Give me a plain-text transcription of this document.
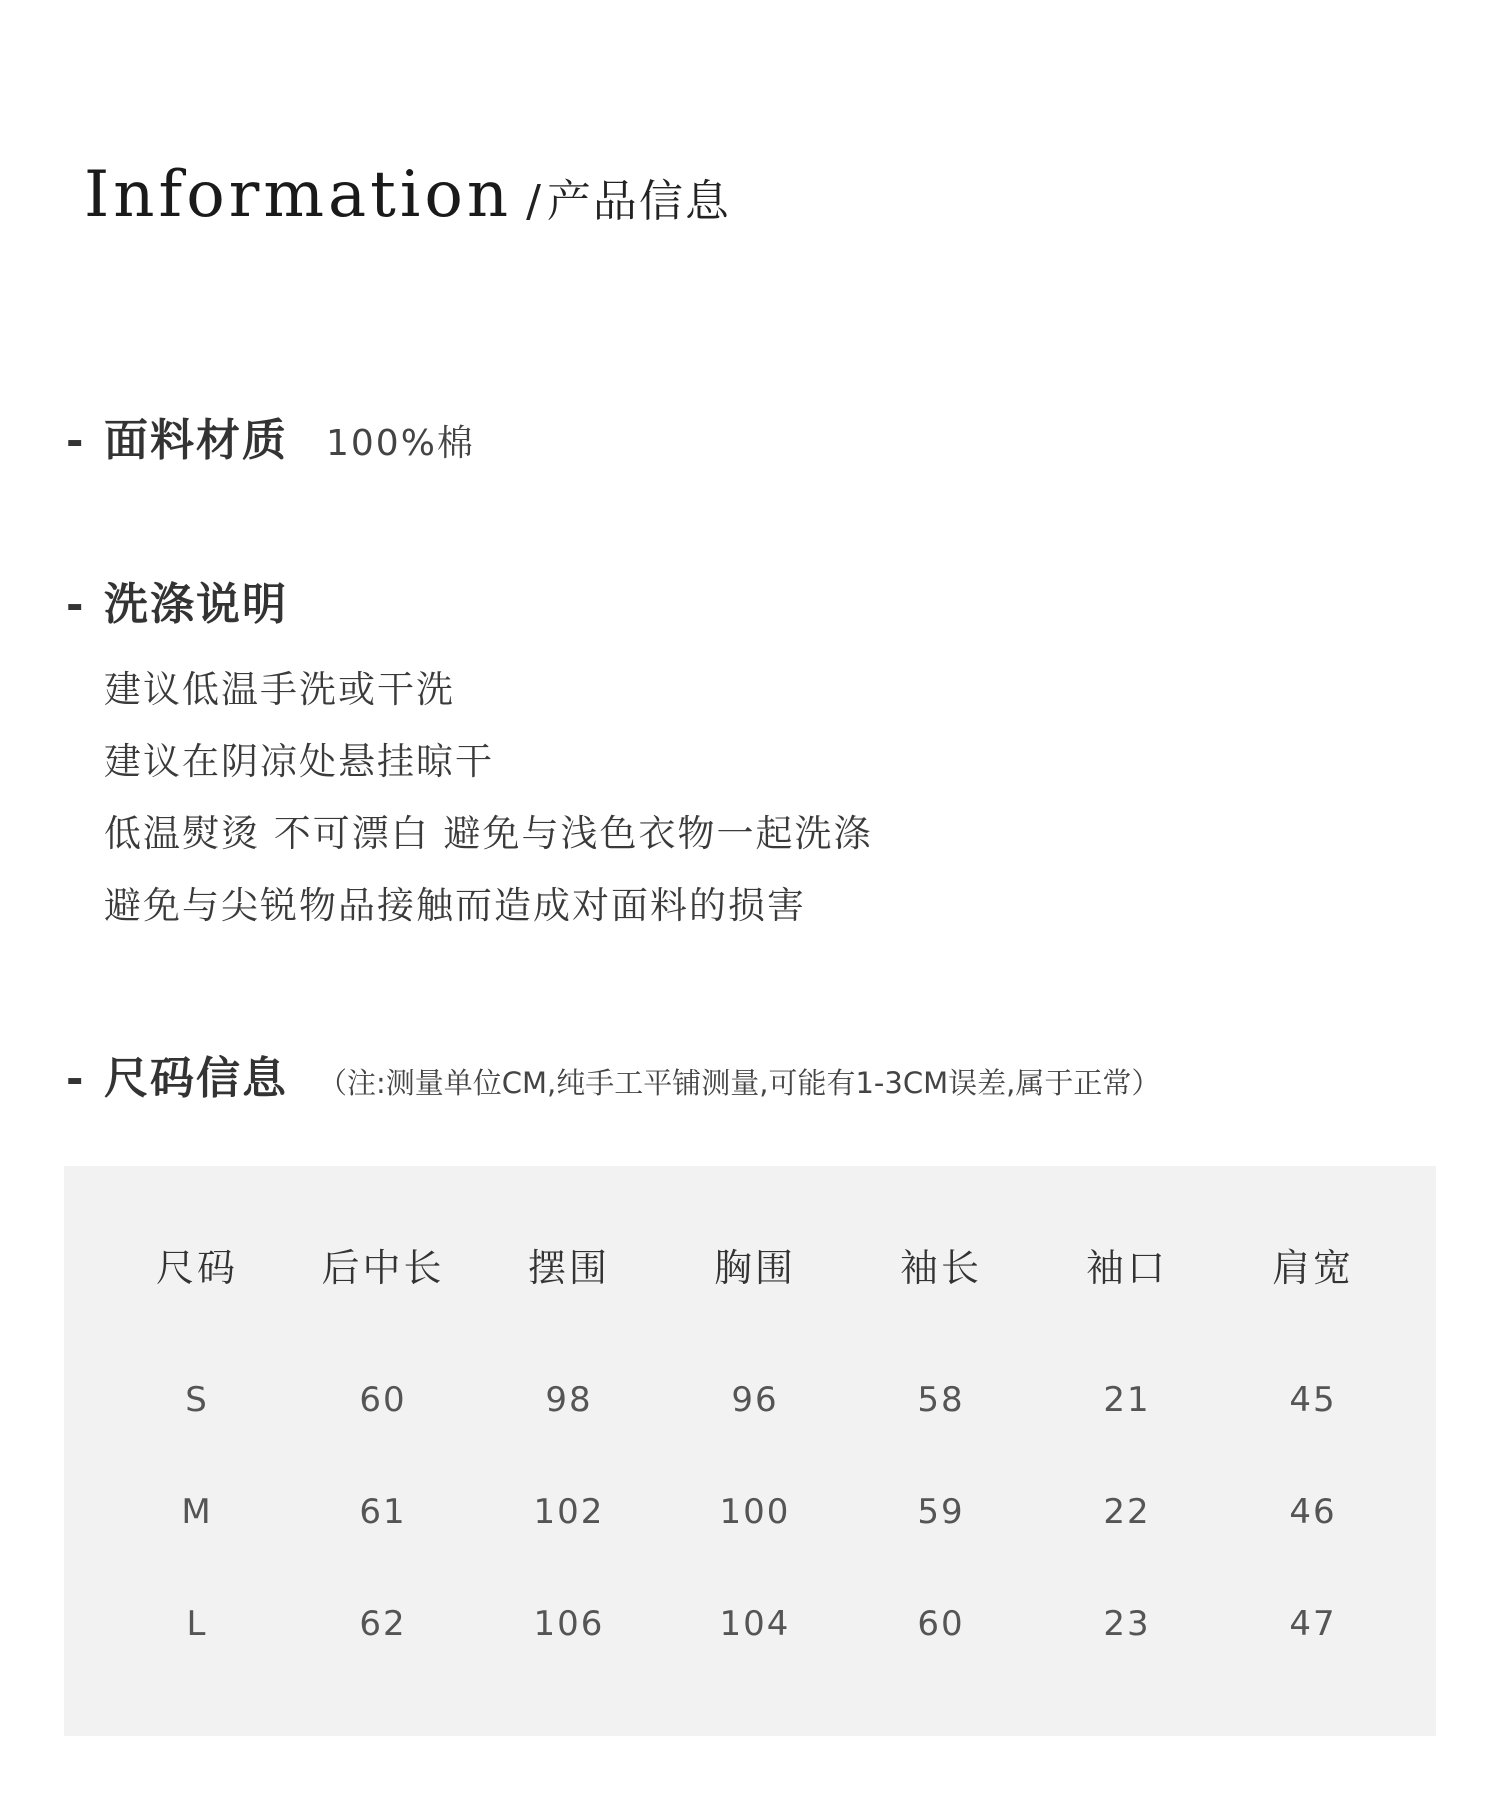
Information / 产品信息
- 面料材质 100%棉
- 洗涤说明
建议低温手洗或干洗
建议在阴凉处悬挂晾干
低温熨烫 不可漂白 避免与浅色衣物一起洗涤
避免与尖锐物品接触而造成对面料的损害
- 尺码信息 （注:测量单位CM,纯手工平铺测量,可能有1-3CM误差,属于正常）
尺码	后中长	摆围	胸围	袖长	袖口	肩宽
S	60	98	96	58	21	45
M	61	102	100	59	22	46
L	62	106	104	60	23	47
